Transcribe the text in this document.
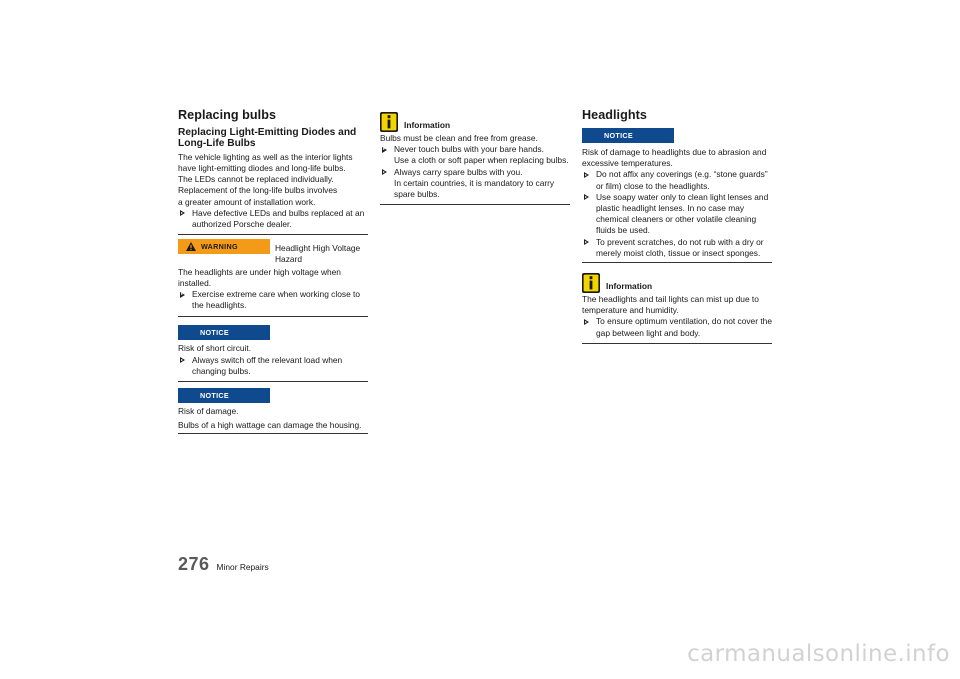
Replacing bulbs
Replacing Light-Emitting Diodes and Long-Life Bulbs
The vehicle lighting as well as the interior lights
have light-emitting diodes and long-life bulbs.
The LEDs cannot be replaced individually.
Replacement of the long-life bulbs involves
a greater amount of installation work.
Have defective LEDs and bulbs replaced at an authorized Porsche dealer.
WARNING	Headlight High Voltage Hazard

The headlights are under high voltage when installed.

Exercise extreme care when working close to the headlights.
NOTICE

Risk of short circuit.

Always switch off the relevant load when changing bulbs.
NOTICE

Risk of damage.

Bulbs of a high wattage can damage the housing.

Information

Bulbs must be clean and free from grease.

Never touch bulbs with your bare hands.
Use a cloth or soft paper when replacing bulbs.
Always carry spare bulbs with you.
In certain countries, it is mandatory to carry spare bulbs.
Headlights
NOTICE

Risk of damage to headlights due to abrasion and excessive temperatures.

Do not affix any coverings (e.g. “stone guards” or film) close to the headlights.
Use soapy water only to clean light lenses and plastic headlight lenses. In no case may chemical cleaners or other volatile cleaning fluids be used.
To prevent scratches, do not rub with a dry or merely moist cloth, tissue or insect sponges.
Information

The headlights and tail lights can mist up due to temperature and humidity.

To ensure optimum ventilation, do not cover the gap between light and body.
276 Minor Repairs
carmanualsonline.info
